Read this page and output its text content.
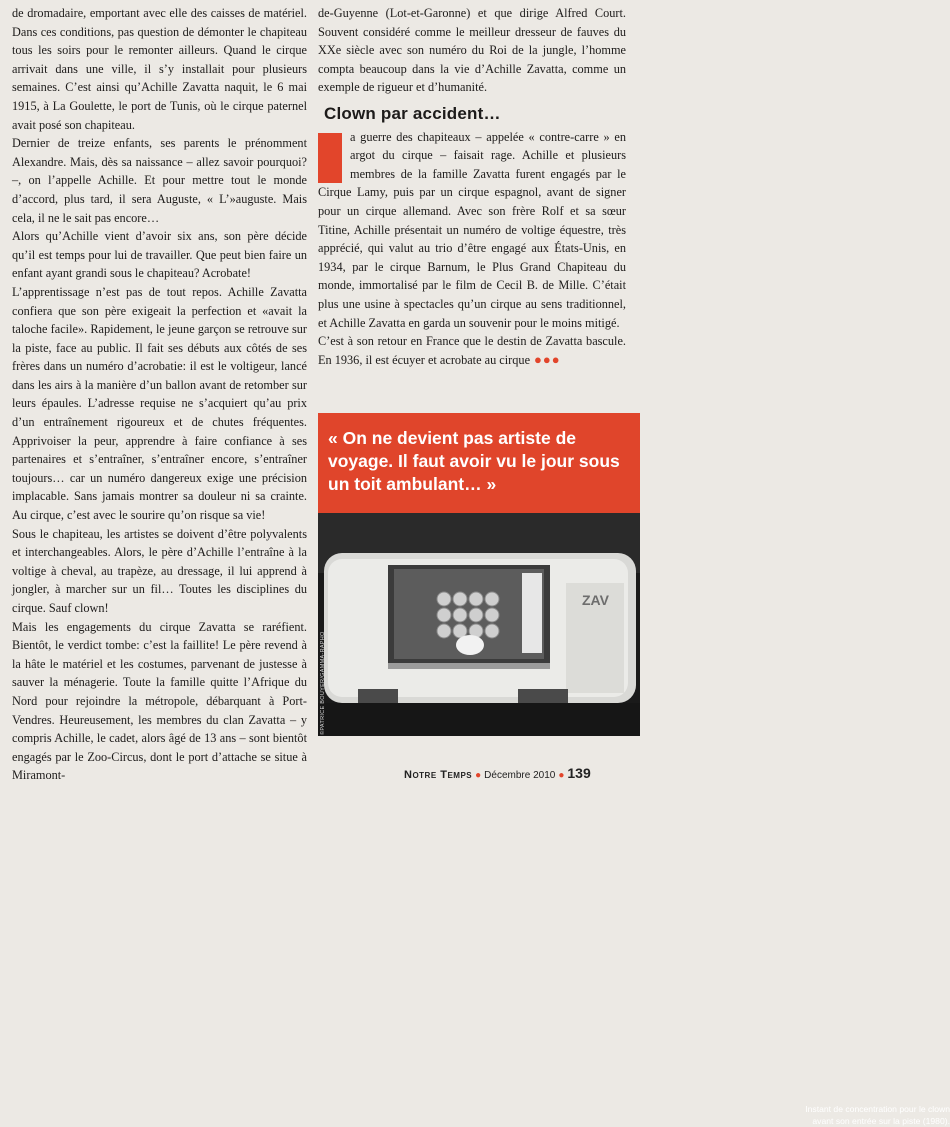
de dromadaire, emportant avec elle des caisses de matériel. Dans ces conditions, pas question de démonter le chapiteau tous les soirs pour le remonter ailleurs. Quand le cirque arrivait dans une ville, il s’y installait pour plusieurs semaines. C’est ainsi qu’Achille Zavatta naquit, le 6 mai 1915, à La Goulette, le port de Tunis, où le cirque paternel avait posé son chapiteau.

Dernier de treize enfants, ses parents le prénomment Alexandre. Mais, dès sa naissance – allez savoir pourquoi? –, on l’appelle Achille. Et pour mettre tout le monde d’accord, plus tard, il sera Auguste, « L’»auguste. Mais cela, il ne le sait pas encore…

Alors qu’Achille vient d’avoir six ans, son père décide qu’il est temps pour lui de travailler. Que peut bien faire un enfant ayant grandi sous le chapiteau? Acrobate!

L’apprentissage n’est pas de tout repos. Achille Zavatta confiera que son père exigeait la perfection et «avait la taloche facile». Rapidement, le jeune garçon se retrouve sur la piste, face au public. Il fait ses débuts aux côtés de ses frères dans un numéro d’acrobatie: il est le voltigeur, lancé dans les airs à la manière d’un ballon avant de retomber sur leurs épaules. L’adresse requise ne s’acquiert qu’au prix d’un entraînement rigoureux et de chutes fréquentes. Apprivoiser la peur, apprendre à faire confiance à ses partenaires et s’entraîner, s’entraîner encore, s’entraîner toujours… car un numéro dangereux exige une précision implacable. Sans jamais montrer sa douleur ni sa crainte. Au cirque, c’est avec le sourire qu’on risque sa vie!

Sous le chapiteau, les artistes se doivent d’être polyvalents et interchangeables. Alors, le père d’Achille l’entraîne à la voltige à cheval, au trapèze, au dressage, il lui apprend à jongler, à marcher sur un fil… Toutes les disciplines du cirque. Sauf clown!

Mais les engagements du cirque Zavatta se raréfient. Bientôt, le verdict tombe: c’est la faillite! Le père revend à la hâte le matériel et les costumes, parvenant de justesse à sauver la ménagerie. Toute la famille quitte l’Afrique du Nord pour rejoindre la métropole, débarquant à Port-Vendres. Heureusement, les membres du clan Zavatta – y compris Achille, le cadet, alors âgé de 13 ans – sont bientôt engagés par le Zoo-Circus, dont le port d’attache se situe à Miramont-

de-Guyenne (Lot-et-Garonne) et que dirige Alfred Court. Souvent considéré comme le meilleur dresseur de fauves du XXe siècle avec son numéro du Roi de la jungle, l’homme compta beaucoup dans la vie d’Achille Zavatta, comme un exemple de rigueur et d’humanité.

Clown par accident…

a guerre des chapiteaux – appelée « contre-carre » en argot du cirque – faisait rage. Achille et plusieurs membres de la famille Zavatta furent engagés par le Cirque Lamy, puis par un cirque espagnol, avant de signer pour un cirque allemand. Avec son frère Rolf et sa sœur Titine, Achille présentait un numéro de voltige équestre, très apprécié, qui valut au trio d’être engagé aux États-Unis, en 1934, par le cirque Barnum, le Plus Grand Chapiteau du monde, immortalisé par le film de Cecil B. de Mille. C’était plus une usine à spectacles qu’un cirque au sens traditionnel, et Achille Zavatta en garda un souvenir pour le moins mitigé.

C’est à son retour en France que le destin de Zavatta bascule. En 1936, il est écuyer et acrobate au cirque ●●●

« On ne devient pas artiste de voyage. Il faut avoir vu le jour sous un toit ambulant… »
ZAV
Instant de concentration pour le clown avant son entrée sur la piste (1980).
©PATRICE BOUYER/GAMMA-RAPHO
Notre Temps ● Décembre 2010 ● 139
